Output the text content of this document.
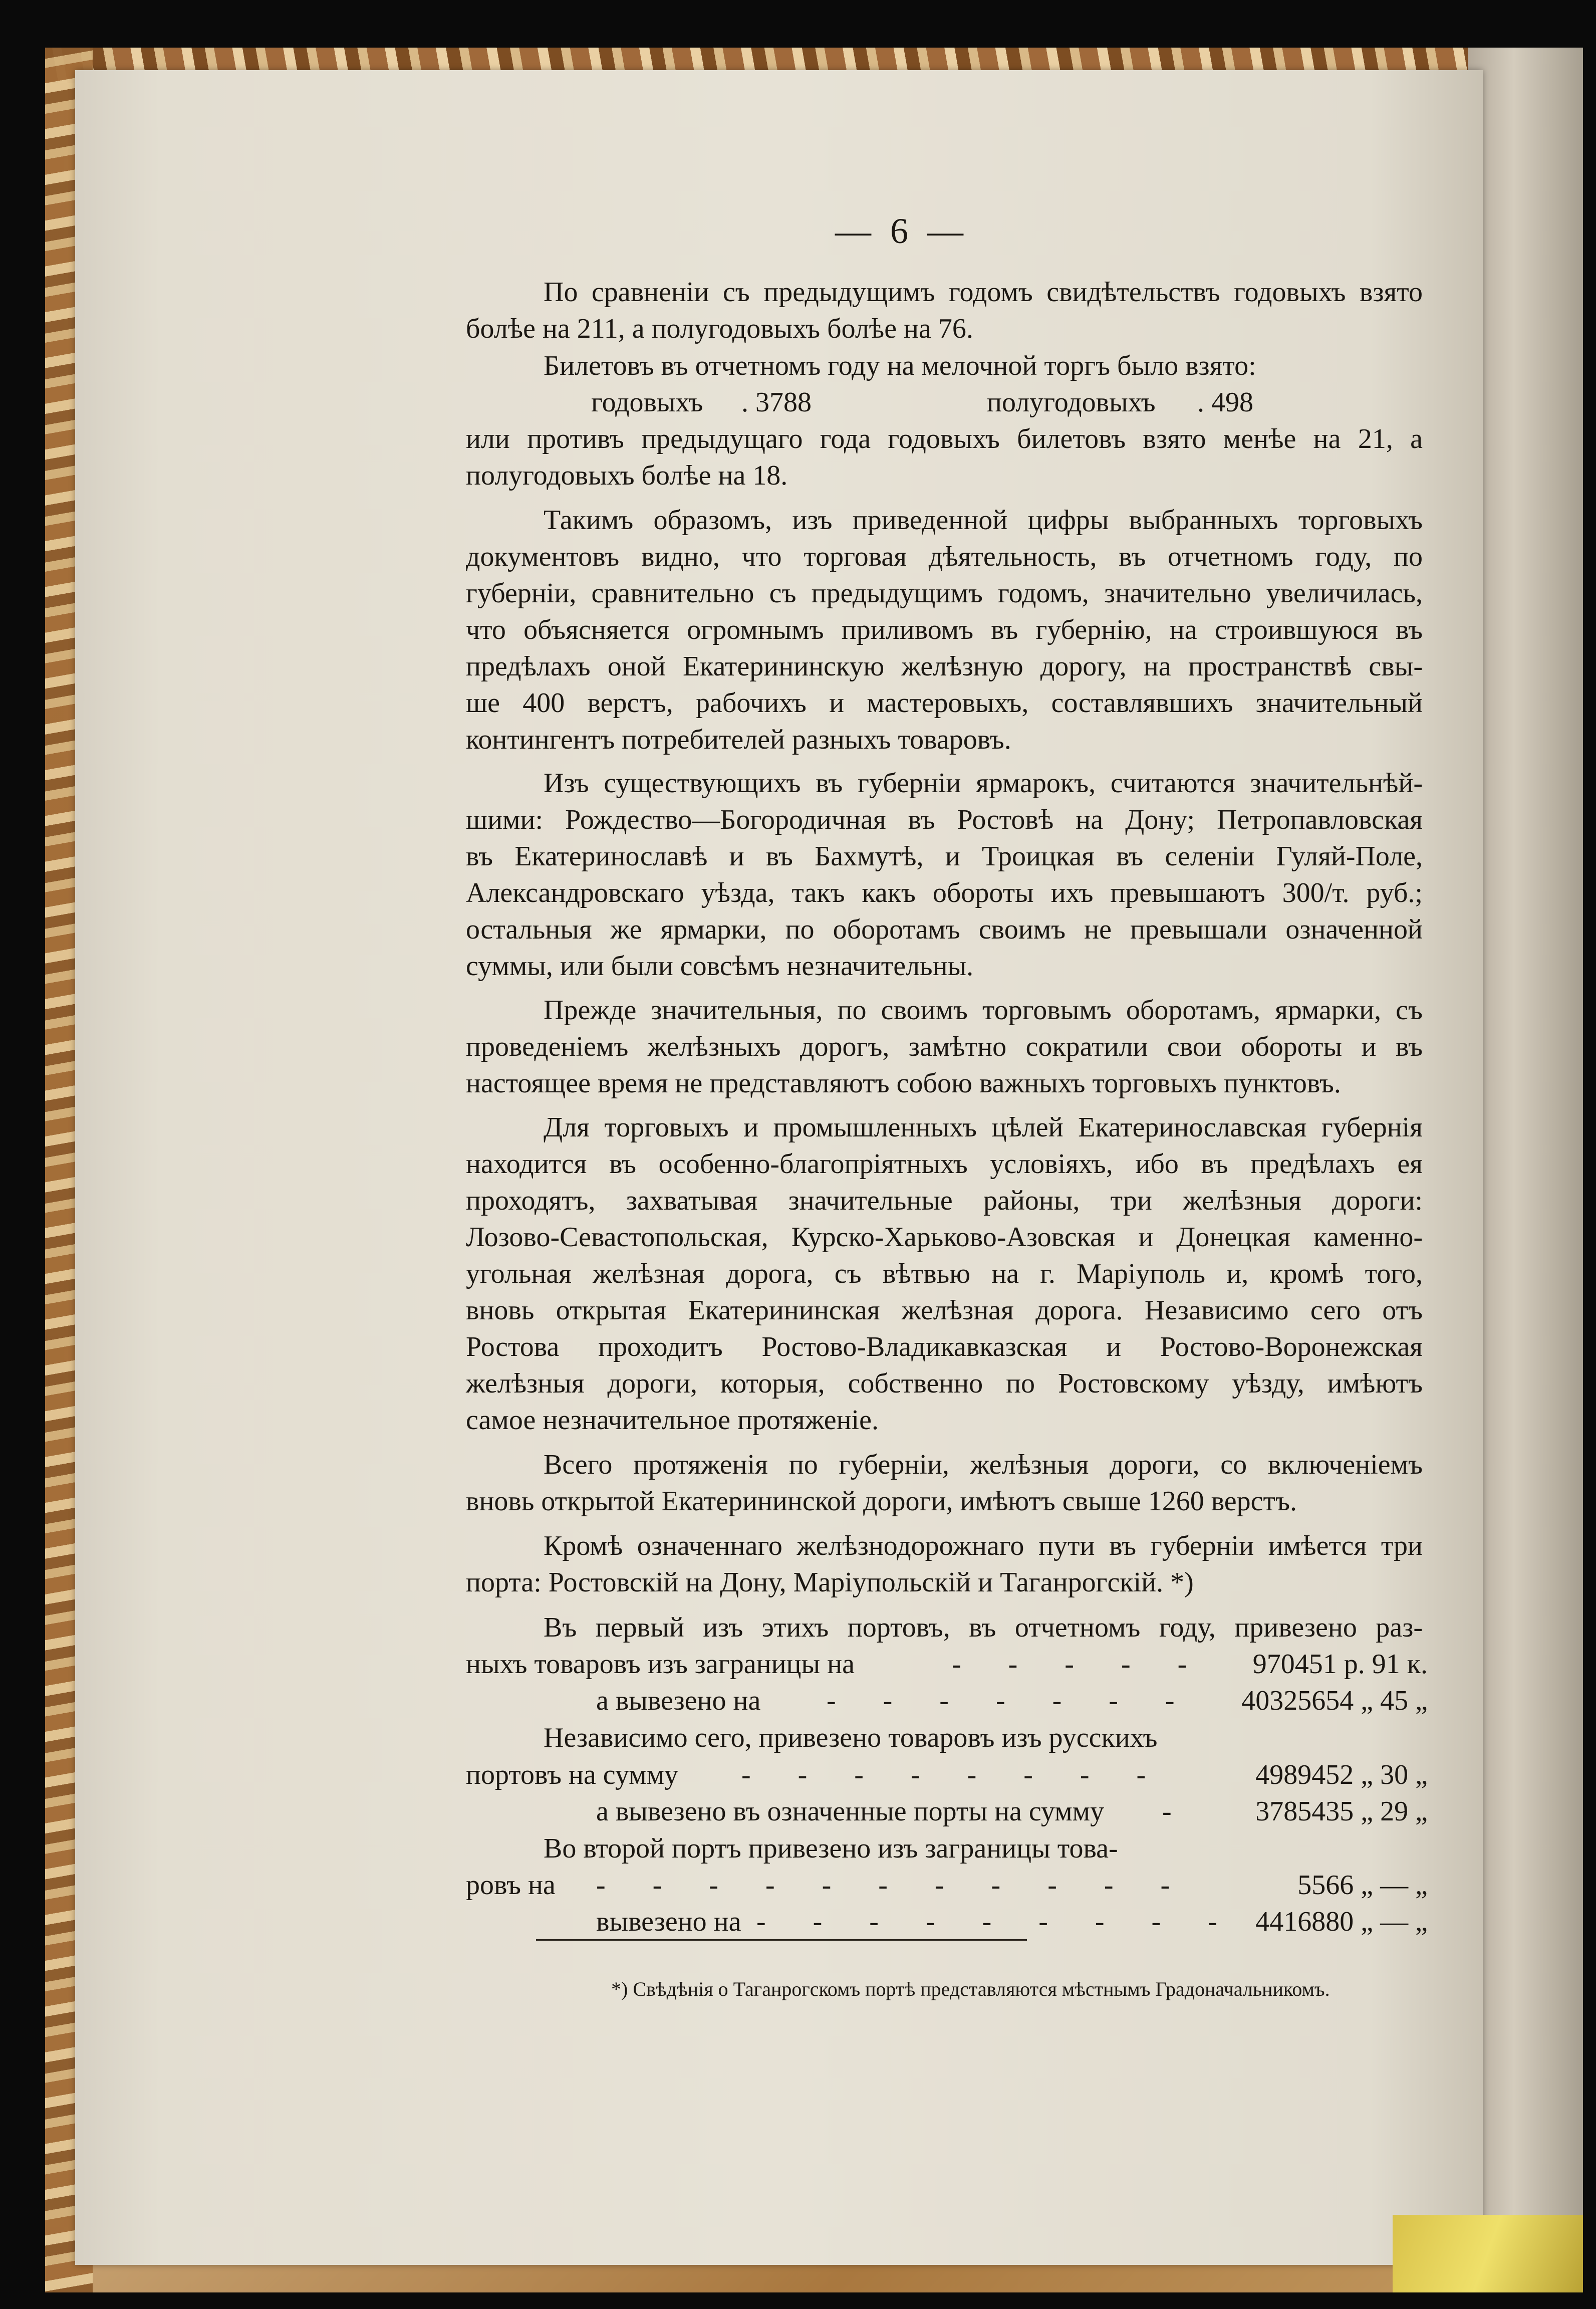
— 6 —
По сравненіи съ предыдущимъ годомъ свидѣтельствъ годовыхъ взято
болѣе на 211, а полугодовыхъ болѣе на 76.
Билетовъ въ отчетномъ году на мелочной торгъ было взято:
годовыхъ . 3788	полугодовыхъ . 498
или противъ предыдущаго года годовыхъ билетовъ взято менѣе на 21, а
полугодовыхъ болѣе на 18.
Такимъ образомъ, изъ приведенной цифры выбранныхъ торговыхъ
документовъ видно, что торговая дѣятельность, въ отчетномъ году, по
губерніи, сравнительно съ предыдущимъ годомъ, значительно увеличилась,
что объясняется огромнымъ приливомъ въ губернію, на строившуюся въ
предѣлахъ оной Екатерининскую желѣзную дорогу, на пространствѣ свы-
ше 400 верстъ, рабочихъ и мастеровыхъ, составлявшихъ значительный
контингентъ потребителей разныхъ товаровъ.
Изъ существующихъ въ губерніи ярмарокъ, считаются значительнѣй-
шими: Рождество—Богородичная въ Ростовѣ на Дону; Петропавловская
въ Екатеринославѣ и въ Бахмутѣ, и Троицкая въ селеніи Гуляй-Поле,
Александровскаго уѣзда, такъ какъ обороты ихъ превышаютъ 300/т. руб.;
остальныя же ярмарки, по оборотамъ своимъ не превышали означенной
суммы, или были совсѣмъ незначительны.
Прежде значительныя, по своимъ торговымъ оборотамъ, ярмарки, съ
проведеніемъ желѣзныхъ дорогъ, замѣтно сократили свои обороты и въ
настоящее время не представляютъ собою важныхъ торговыхъ пунктовъ.
Для торговыхъ и промышленныхъ цѣлей Екатеринославская губернія
находится въ особенно-благопріятныхъ условіяхъ, ибо въ предѣлахъ ея
проходятъ, захватывая значительные районы, три желѣзныя дороги:
Лозово-Севастопольская, Курско-Харьково-Азовская и Донецкая каменно-
угольная желѣзная дорога, съ вѣтвью на г. Маріуполь и, кромѣ того,
вновь открытая Екатерининская желѣзная дорога. Независимо сего отъ
Ростова проходитъ Ростово-Владикавказская и Ростово-Воронежская
желѣзныя дороги, которыя, собственно по Ростовскому уѣзду, имѣютъ
самое незначительное протяженіе.
Всего протяженія по губерніи, желѣзныя дороги, со включеніемъ
вновь открытой Екатерининской дороги, имѣютъ свыше 1260 верстъ.
Кромѣ означеннаго желѣзнодорожнаго пути въ губерніи имѣется три
порта: Ростовскій на Дону, Маріупольскій и Таганрогскій. *)
Въ первый изъ этихъ портовъ, въ отчетномъ году, привезено раз-
ныхъ товаровъ изъ заграницы на	- - - - -	970451 р. 91 к.
а вывезено на - - - - - - -	40325654 „ 45 „
Независимо сего, привезено товаровъ изъ русскихъ
портовъ на сумму - - - - - - - -	4989452 „ 30 „
а вывезено въ означенные порты на сумму -	3785435 „ 29 „
Во второй портъ привезено изъ заграницы това-
ровъ на - - - - - - - - - - -	5566 „ — „
вывезено на - - - - - - - - - 4416880 „ — „
*) Свѣдѣнія о Таганрогскомъ портѣ представляются мѣстнымъ Градоначальникомъ.
